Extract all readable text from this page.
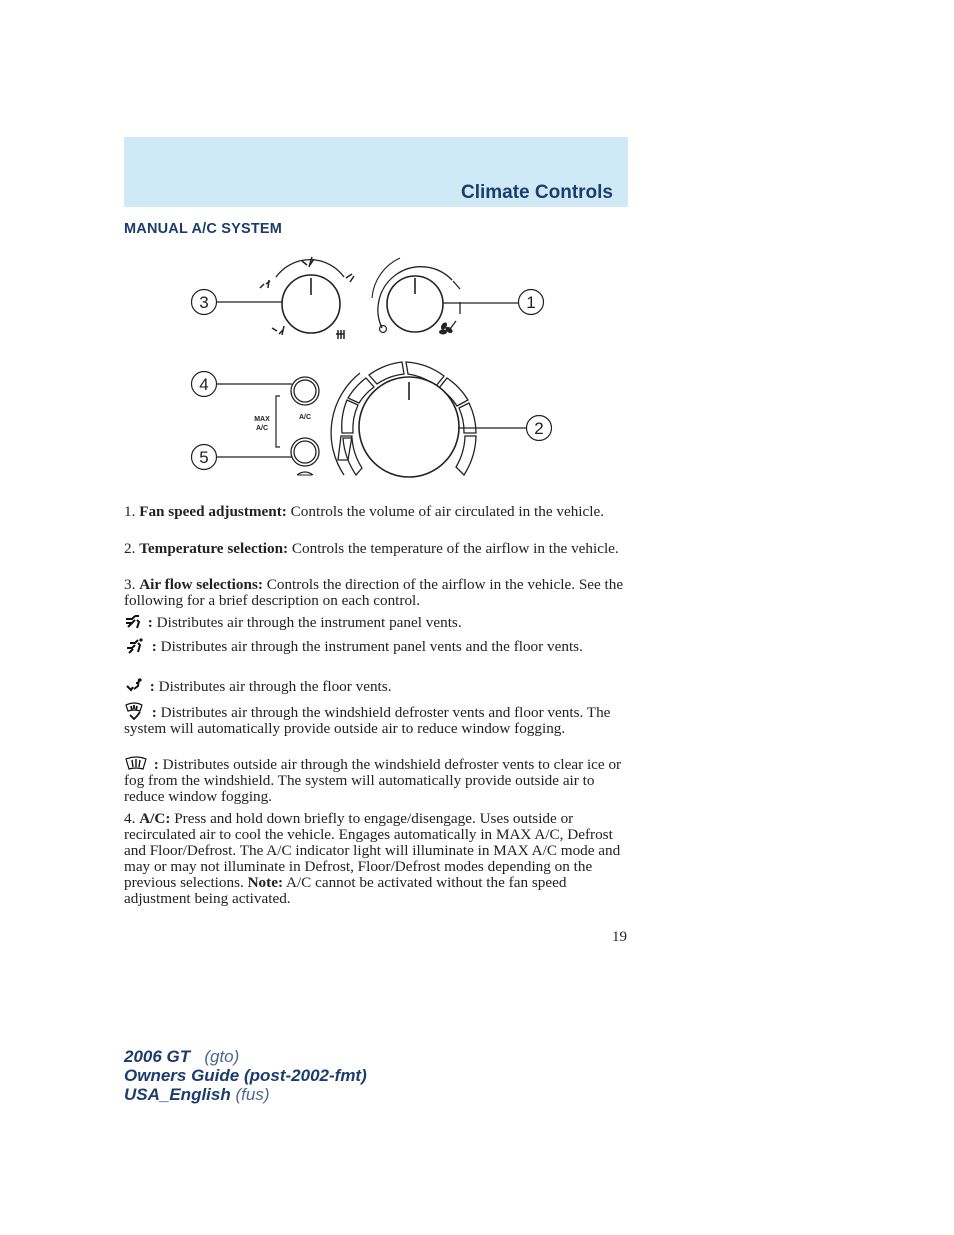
Climate Controls
MANUAL A/C SYSTEM
MAX
A/C
A/C
3	1
4
5
2

1. Fan speed adjustment: Controls the volume of air circulated in the vehicle.

2. Temperature selection: Controls the temperature of the airflow in the vehicle.

3. Air flow selections: Controls the direction of the airflow in the vehicle. See the following for a brief description on each control.

: Distributes air through the instrument panel vents.

: Distributes air through the instrument panel vents and the floor vents.

: Distributes air through the floor vents.

: Distributes air through the windshield defroster vents and floor vents. The system will automatically provide outside air to reduce window fogging.

: Distributes outside air through the windshield defroster vents to clear ice or fog from the windshield. The system will automatically provide outside air to reduce window fogging.

4. A/C: Press and hold down briefly to engage/disengage. Uses outside or recirculated air to cool the vehicle. Engages automatically in MAX A/C, Defrost and Floor/Defrost. The A/C indicator light will illuminate in MAX A/C mode and may or may not illuminate in Defrost, Floor/Defrost modes depending on the previous selections. Note: A/C cannot be activated without the fan speed adjustment being activated.

19
2006 GT (gto)
Owners Guide (post-2002-fmt)
USA_English (fus)
